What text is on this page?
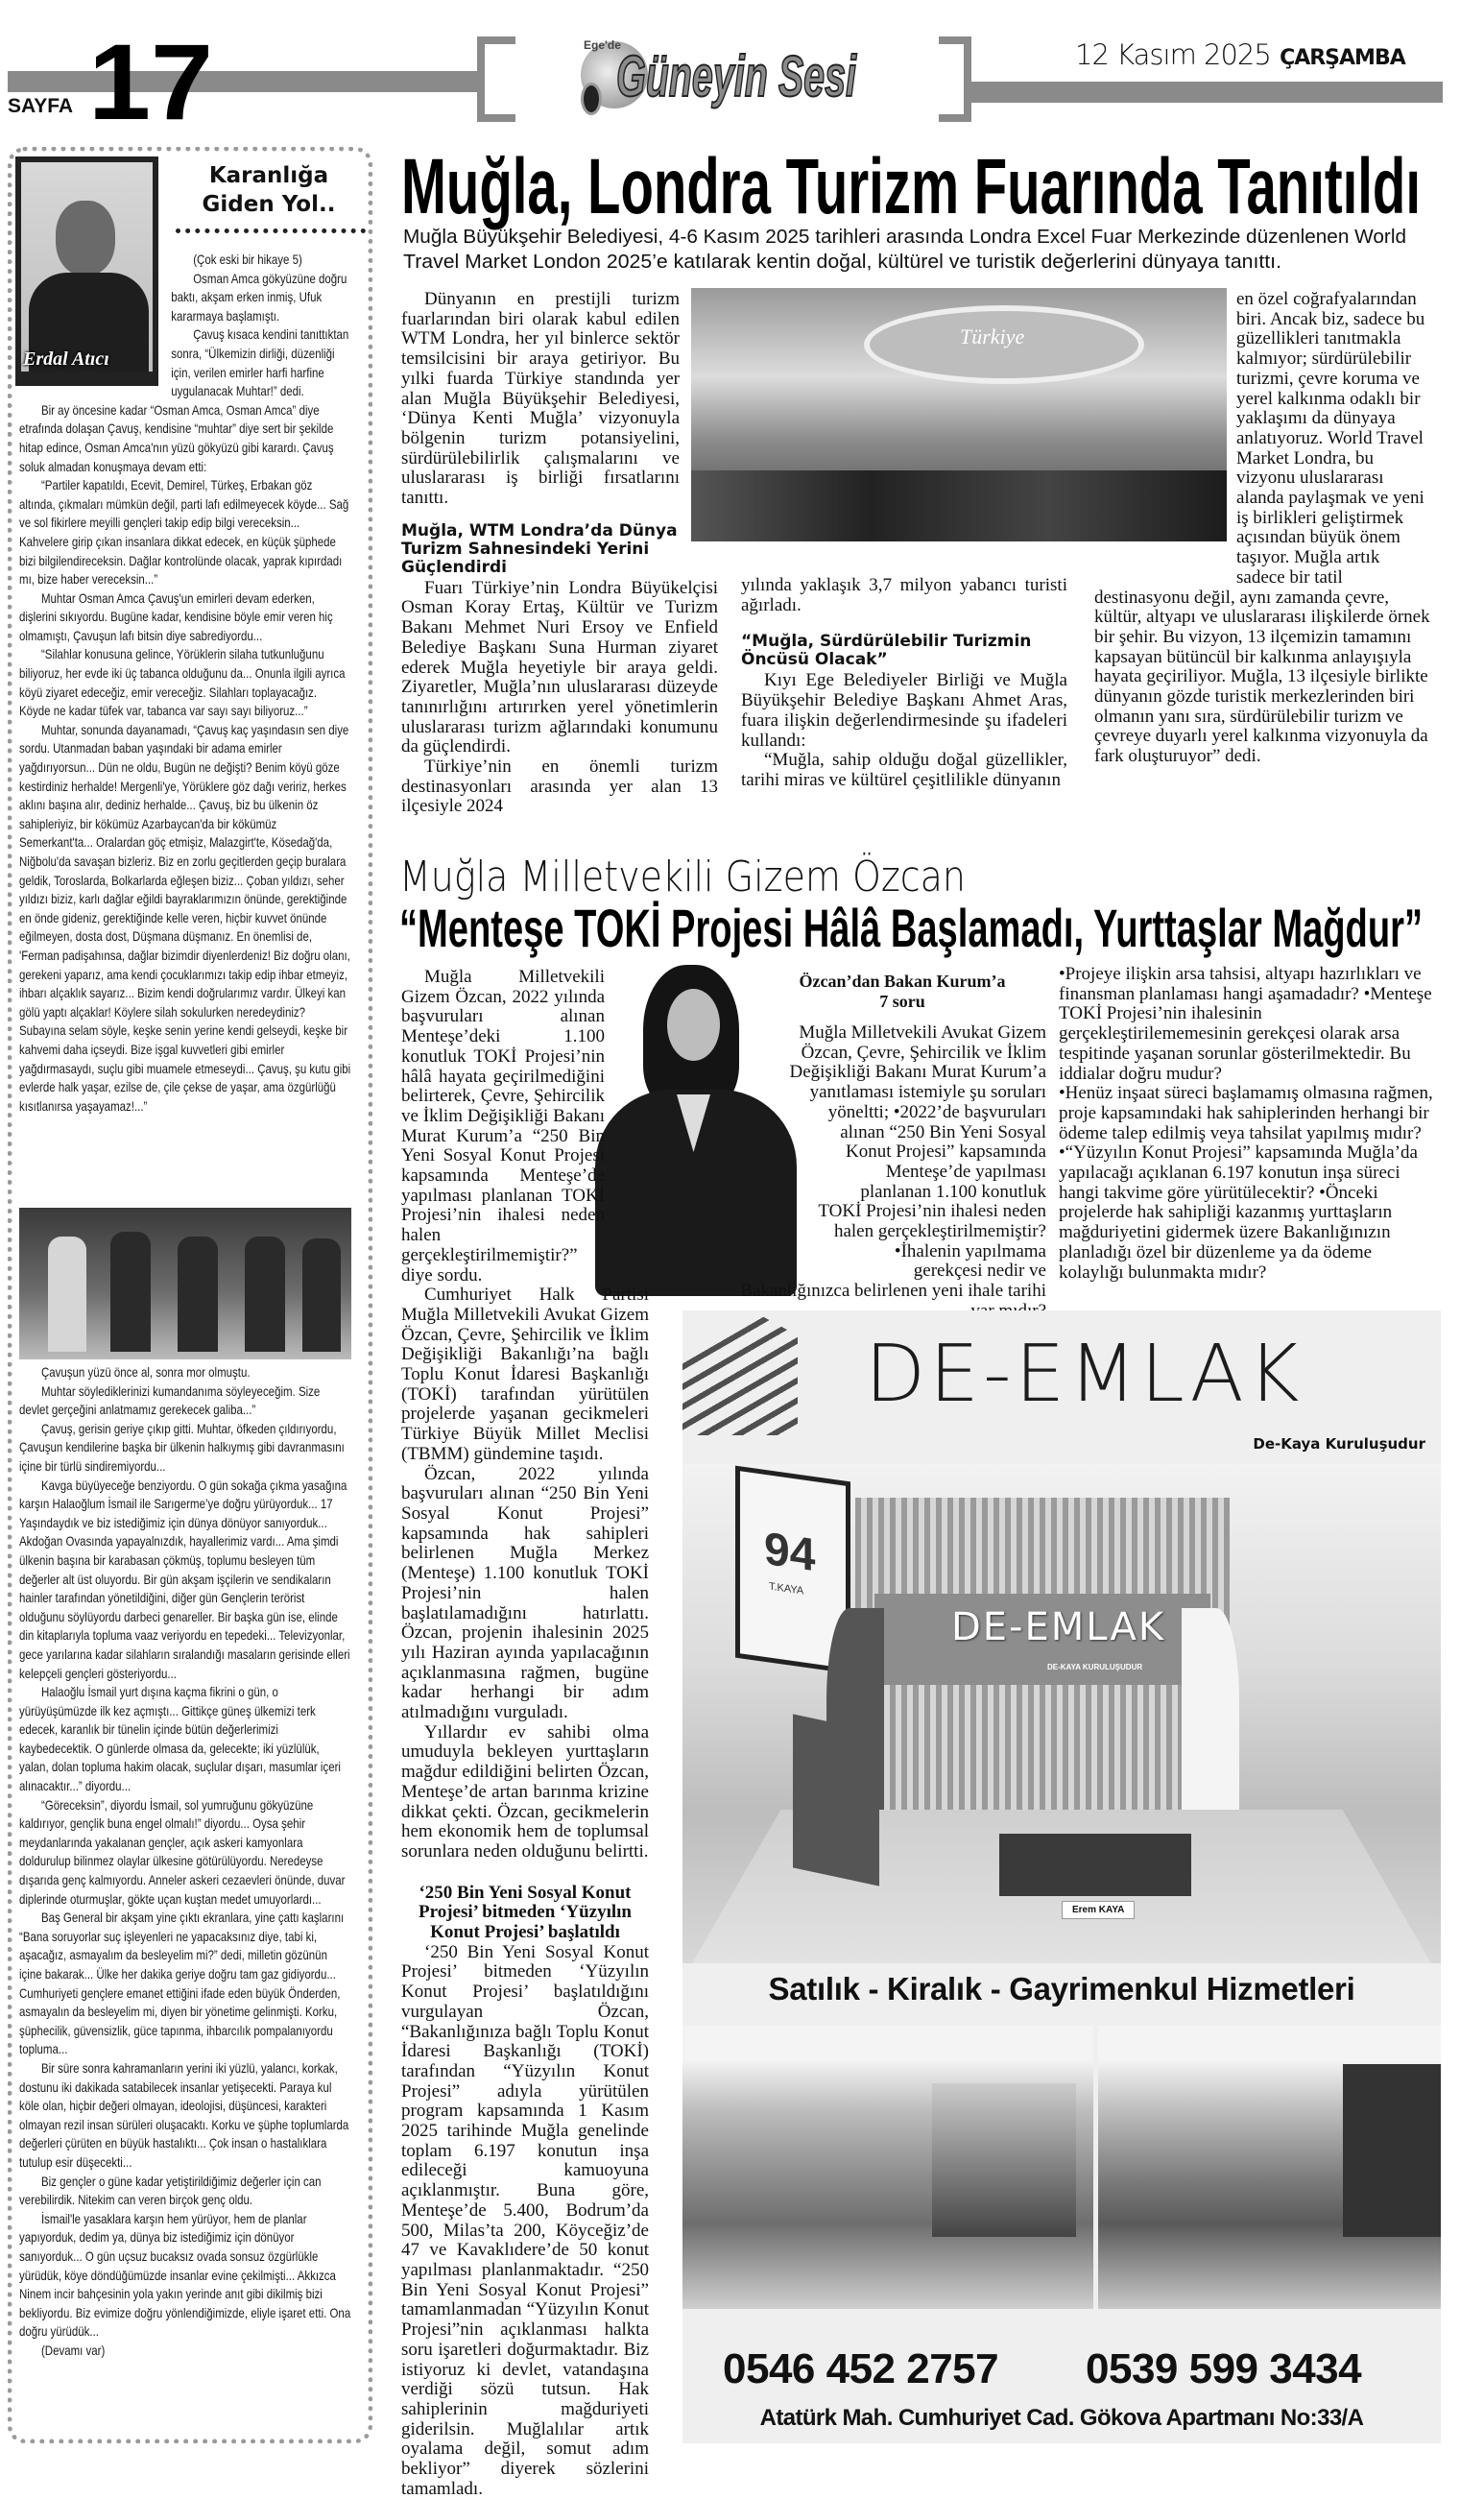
SAYFA 17	Ege'de
Güneyin Sesi	12 Kasım 2025 ÇARŞAMBA
Erdal Atıcı
Karanlığa
Giden Yol..

(Çok eski bir hikaye 5)

Osman Amca gökyüzüne doğru baktı, akşam erken inmiş, Ufuk kararmaya başlamıştı.

Çavuş kısaca kendini tanıttıktan sonra, “Ülkemizin dirliği, düzenliği için, verilen emirler harfi harfine uygulanacak Muhtar!” dedi.

Bir ay öncesine kadar “Osman Amca, Osman Amca” diye etrafında dolaşan Çavuş, kendisine “muhtar” diye sert bir şekilde hitap edince, Osman Amca'nın yüzü gökyüzü gibi karardı. Çavuş soluk almadan konuşmaya devam etti:

“Partiler kapatıldı, Ecevit, Demirel, Türkeş, Erbakan göz altında, çıkmaları mümkün değil, parti lafı edilmeyecek köyde... Sağ ve sol fikirlere meyilli gençleri takip edip bilgi vereceksin... Kahvelere girip çıkan insanlara dikkat edecek, en küçük şüphede bizi bilgilendireceksin. Dağlar kontrolünde olacak, yaprak kıpırdadı mı, bize haber vereceksin...”

Muhtar Osman Amca Çavuş'un emirleri devam ederken, dişlerini sıkıyordu. Bugüne kadar, kendisine böyle emir veren hiç olmamıştı, Çavuşun lafı bitsin diye sabrediyordu...

“Silahlar konusuna gelince, Yörüklerin silaha tutkunluğunu biliyoruz, her evde iki üç tabanca olduğunu da... Onunla ilgili ayrıca köyü ziyaret edeceğiz, emir vereceğiz. Silahları toplayacağız. Köyde ne kadar tüfek var, tabanca var sayı sayı biliyoruz...”

Muhtar, sonunda dayanamadı, “Çavuş kaç yaşındasın sen diye sordu. Utanmadan baban yaşındaki bir adama emirler yağdırıyorsun... Dün ne oldu, Bugün ne değişti? Benim köyü göze kestirdiniz herhalde! Mergenli'ye, Yörüklere göz dağı veririz, herkes aklını başına alır, dediniz herhalde... Çavuş, biz bu ülkenin öz sahipleriyiz, bir kökümüz Azarbaycan'da bir kökümüz Semerkant'ta... Oralardan göç etmişiz, Malazgirt'te, Kösedağ'da, Niğbolu'da savaşan bizleriz. Biz en zorlu geçitlerden geçip buralara geldik, Toroslarda, Bolkarlarda eğleşen biziz... Çoban yıldızı, seher yıldızı biziz, karlı dağlar eğildi bayraklarımızın önünde, gerektiğinde en önde gideniz, gerektiğinde kelle veren, hiçbir kuvvet önünde eğilmeyen, dosta dost, Düşmana düşmanız. En önemlisi de, 'Ferman padişahınsa, dağlar bizimdir diyenlerdeniz! Biz doğru olanı, gerekeni yaparız, ama kendi çocuklarımızı takip edip ihbar etmeyiz, ihbarı alçaklık sayarız... Bizim kendi doğrularımız vardır. Ülkeyi kan gölü yaptı alçaklar! Köylere silah sokulurken neredeydiniz? Subayına selam söyle, keşke senin yerine kendi gelseydi, keşke bir kahvemi daha içseydi. Bize işgal kuvvetleri gibi emirler yağdırmasaydı, suçlu gibi muamele etmeseydi... Çavuş, şu kutu gibi evlerde halk yaşar, ezilse de, çile çekse de yaşar, ama özgürlüğü kısıtlanırsa yaşayamaz!...”

Çavuşun yüzü önce al, sonra mor olmuştu.

Muhtar söylediklerinizi kumandanıma söyleyeceğim. Size devlet gerçeğini anlatmamız gerekecek galiba...”

Çavuş, gerisin geriye çıkıp gitti. Muhtar, öfkeden çıldırıyordu, Çavuşun kendilerine başka bir ülkenin halkıymış gibi davranmasını içine bir türlü sindiremiyordu...

Kavga büyüyeceğe benziyordu. O gün sokağa çıkma yasağına karşın Halaoğlum İsmail ile Sarıgerme’ye doğru yürüyorduk... 17 Yaşındaydık ve biz istediğimiz için dünya dönüyor sanıyorduk... Akdoğan Ovasında yapayalnızdık, hayallerimiz vardı... Ama şimdi ülkenin başına bir karabasan çökmüş, toplumu besleyen tüm değerler alt üst oluyordu. Bir gün akşam işçilerin ve sendikaların hainler tarafından yönetildiğini, diğer gün Gençlerin terörist olduğunu söylüyordu darbeci genareller. Bir başka gün ise, elinde din kitaplarıyla topluma vaaz veriyordu en tepedeki... Televizyonlar, gece yarılarına kadar silahların sıralandığı masaların gerisinde elleri kelepçeli gençleri gösteriyordu...

Halaoğlu İsmail yurt dışına kaçma fikrini o gün, o yürüyüşümüzde ilk kez açmıştı... Gittikçe güneş ülkemizi terk edecek, karanlık bir tünelin içinde bütün değerlerimizi kaybedecektik. O günlerde olmasa da, gelecekte; iki yüzlülük, yalan, dolan topluma hakim olacak, suçlular dışarı, masumlar içeri alınacaktır...” diyordu...

“Göreceksin”, diyordu İsmail, sol yumruğunu gökyüzüne kaldırıyor, gençlik buna engel olmalı!” diyordu... Oysa şehir meydanlarında yakalanan gençler, açık askeri kamyonlara doldurulup bilinmez olaylar ülkesine götürülüyordu. Neredeyse dışarıda genç kalmıyordu. Anneler askeri cezaevleri önünde, duvar diplerinde oturmuşlar, gökte uçan kuştan medet umuyorlardı...

Baş General bir akşam yine çıktı ekranlara, yine çattı kaşlarını “Bana soruyorlar suç işleyenleri ne yapacaksınız diye, tabi ki, aşacağız, asmayalım da besleyelim mi?” dedi, milletin gözünün içine bakarak... Ülke her dakika geriye doğru tam gaz gidiyordu... Cumhuriyeti gençlere emanet ettiğini ifade eden büyük Önderden, asmayalın da besleyelim mi, diyen bir yönetime gelinmişti. Korku, şüphecilik, güvensizlik, güce tapınma, ihbarcılık pompalanıyordu topluma...

Bir süre sonra kahramanların yerini iki yüzlü, yalancı, korkak, dostunu iki dakikada satabilecek insanlar yetişecekti. Paraya kul köle olan, hiçbir değeri olmayan, ideolojisi, düşüncesi, karakteri olmayan rezil insan sürüleri oluşacaktı. Korku ve şüphe toplumlarda değerleri çürüten en büyük hastalıktı... Çok insan o hastalıklara tutulup esir düşecekti...

Biz gençler o güne kadar yetiştirildiğimiz değerler için can verebilirdik. Nitekim can veren birçok genç oldu.

İsmail'le yasaklara karşın hem yürüyor, hem de planlar yapıyorduk, dedim ya, dünya biz istediğimiz için dönüyor sanıyorduk... O gün uçsuz bucaksız ovada sonsuz özgürlükle yürüdük, köye döndüğümüzde insanlar evine çekilmişti... Akkızca Ninem incir bahçesinin yola yakın yerinde anıt gibi dikilmiş bizi bekliyordu. Biz evimize doğru yönlendiğimizde, eliyle işaret etti. Ona doğru yürüdük...

(Devamı var)

Muğla, Londra Turizm Fuarında Tanıtıldı
Muğla Büyükşehir Belediyesi, 4-6 Kasım 2025 tarihleri arasında Londra Excel Fuar Merkezinde düzenlenen World
Travel Market London 2025’e katılarak kentin doğal, kültürel ve turistik değerlerini dünyaya tanıttı.
Türkiye

Dünyanın en prestijli turizm fuarlarından biri olarak kabul edilen WTM Londra, her yıl binlerce sektör temsilcisini bir araya getiriyor. Bu yılki fuarda Türkiye standında yer alan Muğla Büyükşehir Belediyesi, ‘Dünya Kenti Muğla’ vizyonuyla bölgenin turizm potansiyelini, sürdürülebilirlik çalışmalarını ve uluslararası iş birliği fırsatlarını tanıttı.

Muğla, WTM Londra’da Dünya Turizm Sahnesindeki Yerini Güçlendirdi

Fuarı Türkiye’nin Londra Büyükelçisi Osman Koray Ertaş, Kültür ve Turizm Bakanı Mehmet Nuri Ersoy ve Enfield Belediye Başkanı Suna Hurman ziyaret ederek Muğla heyetiyle bir araya geldi. Ziyaretler, Muğla’nın uluslararası düzeyde tanınırlığını artırırken yerel yönetimlerin uluslararası turizm ağlarındaki konumunu da güçlendirdi.

Türkiye’nin en önemli turizm destinasyonları arasında yer alan 13 ilçesiyle 2024

yılında yaklaşık 3,7 milyon yabancı turisti ağırladı.

“Muğla, Sürdürülebilir Turizmin Öncüsü Olacak”

Kıyı Ege Belediyeler Birliği ve Muğla Büyükşehir Belediye Başkanı Ahmet Aras, fuara ilişkin değerlendirmesinde şu ifadeleri kullandı:

“Muğla, sahip olduğu doğal güzellikler, tarihi miras ve kültürel çeşitlilikle dünyanın

en özel coğrafyalarından biri. Ancak biz, sadece bu güzellikleri tanıtmakla kalmıyor; sürdürülebilir turizmi, çevre koruma ve yerel kalkınma odaklı bir yaklaşımı da dünyaya anlatıyoruz. World Travel Market Londra, bu vizyonu uluslararası alanda paylaşmak ve yeni iş birlikleri geliştirmek açısından büyük önem taşıyor. Muğla artık sadece bir tatil destinasyonu değil, aynı zamanda çevre, kültür, altyapı ve uluslararası ilişkilerde örnek bir şehir. Bu vizyon, 13 ilçemizin tamamını kapsayan bütüncül bir kalkınma anlayışıyla hayata geçiriliyor. Muğla, 13 ilçesiyle birlikte dünyanın gözde turistik merkezlerinden biri olmanın yanı sıra, sürdürülebilir turizm ve çevreye duyarlı yerel kalkınma vizyonuyla da fark oluşturuyor” dedi.

Muğla Milletvekili Gizem Özcan
“Menteşe TOKİ Projesi Hâlâ Başlamadı, Yurttaşlar Mağdur”

Muğla Milletvekili Gizem Özcan, 2022 yılında başvuruları alınan Menteşe’deki 1.100 konutluk TOKİ Projesi’nin hâlâ hayata geçirilmediğini belirterek, Çevre, Şehircilik ve İklim Değişikliği Bakanı Murat Kurum’a “250 Bin Yeni Sosyal Konut Projesi kapsamında Menteşe’de yapılması planlanan TOKİ Projesi’nin ihalesi neden halen gerçekleştirilmemiştir?” diye sordu.

Cumhuriyet Halk Partisi Muğla Milletvekili Avukat Gizem Özcan, Çevre, Şehircilik ve İklim Değişikliği Bakanlığı’na bağlı Toplu Konut İdaresi Başkanlığı (TOKİ) tarafından yürütülen projelerde yaşanan gecikmeleri Türkiye Büyük Millet Meclisi (TBMM) gündemine taşıdı.

Özcan, 2022 yılında başvuruları alınan “250 Bin Yeni Sosyal Konut Projesi” kapsamında hak sahipleri belirlenen Muğla Merkez (Menteşe) 1.100 konutluk TOKİ Projesi’nin halen başlatılamadığını hatırlattı. Özcan, projenin ihalesinin 2025 yılı Haziran ayında yapılacağının açıklanmasına rağmen, bugüne kadar herhangi bir adım atılmadığını vurguladı.

Yıllardır ev sahibi olma umuduyla bekleyen yurttaşların mağdur edildiğini belirten Özcan, Menteşe’de artan barınma krizine dikkat çekti. Özcan, gecikmelerin hem ekonomik hem de toplumsal sorunlara neden olduğunu belirtti.

‘250 Bin Yeni Sosyal Konut Projesi’ bitmeden ‘Yüzyılın Konut Projesi’ başlatıldı

‘250 Bin Yeni Sosyal Konut Projesi’ bitmeden ‘Yüzyılın Konut Projesi’ başlatıldığını vurgulayan Özcan, “Bakanlığınıza bağlı Toplu Konut İdaresi Başkanlığı (TOKİ) tarafından “Yüzyılın Konut Projesi” adıyla yürütülen program kapsamında 1 Kasım 2025 tarihinde Muğla genelinde toplam 6.197 konutun inşa edileceği kamuoyuna açıklanmıştır. Buna göre, Menteşe’de 5.400, Bodrum’da 500, Milas’ta 200, Köyceğiz’de 47 ve Kavaklıdere’de 50 konut yapılması planlanmaktadır. “250 Bin Yeni Sosyal Konut Projesi” tamamlanmadan “Yüzyılın Konut Projesi”nin açıklanması halkta soru işaretleri doğurmaktadır. Biz istiyoruz ki devlet, vatandaşına verdiği sözü tutsun. Hak sahiplerinin mağduriyeti giderilsin. Muğlalılar artık oyalama değil, somut adım bekliyor” diyerek sözlerini tamamladı.

Özcan’dan Bakan Kurum’a
7 soru

Muğla Milletvekili Avukat Gizem Özcan, Çevre, Şehircilik ve İklim Değişikliği Bakanı Murat Kurum’a yanıtlaması istemiyle şu soruları yöneltti; •2022’de başvuruları alınan “250 Bin Yeni Sosyal Konut Projesi” kapsamında Menteşe’de yapılması planlanan 1.100 konutluk TOKİ Projesi’nin ihalesi neden halen gerçekleştirilmemiştir? •İhalenin yapılmama gerekçesi nedir ve Bakanlığınızca belirlenen yeni ihale tarihi

•Projeye ilişkin arsa tahsisi, altyapı hazırlıkları ve finansman planlaması hangi aşamadadır? •Menteşe TOKİ Projesi’nin ihalesinin gerçekleştirilememesinin gerekçesi olarak arsa tespitinde yaşanan sorunlar gösterilmektedir. Bu iddialar doğru mudur?

•Henüz inşaat süreci başlamamış olmasına rağmen, proje kapsamındaki hak sahiplerinden herhangi bir ödeme talep edilmiş veya tahsilat yapılmış mıdır?

•“Yüzyılın Konut Projesi” kapsamında Muğla’da yapılacağı açıklanan 6.197 konutun inşa süreci hangi takvime göre yürütülecektir? •Önceki projelerde hak sahipliği kazanmış yurttaşların mağduriyetini gidermek üzere Bakanlığınızın planladığı özel bir düzenleme ya da ödeme kolaylığı bulunmakta mıdır?

DE-EMLAK
De-Kaya Kuruluşudur
DE-EMLAK
DE-KAYA KURULUŞUDUR
94
T.KAYA
Erem KAYA
Satılık - Kiralık - Gayrimenkul Hizmetleri
0546 452 2757 0539 599 3434
Atatürk Mah. Cumhuriyet Cad. Gökova Apartmanı No:33/A
